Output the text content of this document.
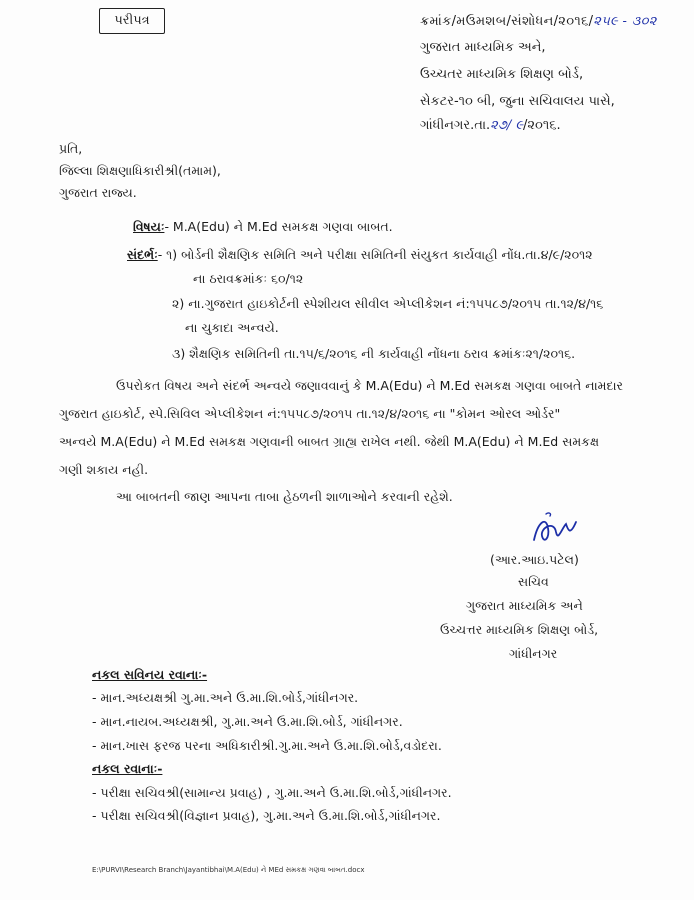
પરીપત્ર	ક્રમાંક/મઉમશબ/સંશોધન/૨૦૧૬/૨૫૯ - ૩૦૨
ગુજરાત માધ્યમિક અને,
ઉચ્ચતર માધ્યમિક શિક્ષણ બોર્ડ,
સેકટર-૧૦ બી, જુના સચિવાલય પાસે,
ગાંધીનગર.તા.૨૭/ ૯/૨૦૧૬.
પ્રતિ,
જિલ્લા શિક્ષણાધિકારીશ્રી(તમામ),
ગુજરાત રાજ્ય.
વિષયઃ- M.A(Edu) ને M.Ed સમકક્ષ ગણવા બાબત.
સંદર્ભઃ- ૧) બોર્ડની શૈક્ષણિક સમિતિ અને પરીક્ષા સમિતિની સંયુકત કાર્યવાહી નોંધ.તા.૪/૯/૨૦૧૨
ના ઠરાવક્રમાંકઃ ૬૦/૧૨
૨) ના.ગુજરાત હાઇકોર્ટની સ્પેશીયલ સીવીલ એપ્લીકેશન નં:૧૫૫૮૭/૨૦૧૫ તા.૧૨/૪/૧૬
ના ચુકાદા અન્વયે.
૩) શૈક્ષણિક સમિતિની તા.૧૫/૬/૨૦૧૬ ની કાર્યવાહી નોંધના ઠરાવ ક્રમાંકઃ૨૧/૨૦૧૬.
ઉપરોકત વિષય અને સંદર્ભ અન્વયે જણાવવાનું કે M.A(Edu) ને M.Ed સમકક્ષ ગણવા બાબતે નામદાર
ગુજરાત હાઇકોર્ટ, સ્પે.સિવિલ એપ્લીકેશન નં:૧૫૫૮૭/૨૦૧૫ તા.૧૨/૪/૨૦૧૬ ના "કોમન ઓરલ ઓર્ડર"
અન્વયે M.A(Edu) ને M.Ed સમકક્ષ ગણવાની બાબત ગ્રાહ્ય રાખેલ નથી. જેથી M.A(Edu) ને M.Ed સમકક્ષ
ગણી શકાય નહી.
આ બાબતની જાણ આપના તાબા હેઠળની શાળાઓને કરવાની રહેશે.
(આર.આઇ.પટેલ)
સચિવ
ગુજરાત માધ્યમિક અને
ઉચ્ચત્તર માધ્યમિક શિક્ષણ બોર્ડ,
ગાંધીનગર
નકલ સવિનય રવાનાઃ-
- માન.અધ્યક્ષશ્રી ગુ.મા.અને ઉ.મા.શિ.બોર્ડ,ગાંધીનગર.
- માન.નાયબ.અધ્યક્ષશ્રી, ગુ.મા.અને ઉ.મા.શિ.બોર્ડ, ગાંધીનગર.
- માન.ખાસ ફરજ પરના અધિકારીશ્રી.ગુ.મા.અને ઉ.મા.શિ.બોર્ડ,વડોદરા.
નકલ રવાનાઃ-
- પરીક્ષા સચિવશ્રી(સામાન્ય પ્રવાહ) , ગુ.મા.અને ઉ.મા.શિ.બોર્ડ,ગાંધીનગર.
- પરીક્ષા સચિવશ્રી(વિજ્ઞાન પ્રવાહ), ગુ.મા.અને ઉ.મા.શિ.બોર્ડ,ગાંધીનગર.
E:\PURVI\Research Branch\Jayantibhai\M.A(Edu) ને MEd સમકક્ષ ગણવા બાબત.docx
